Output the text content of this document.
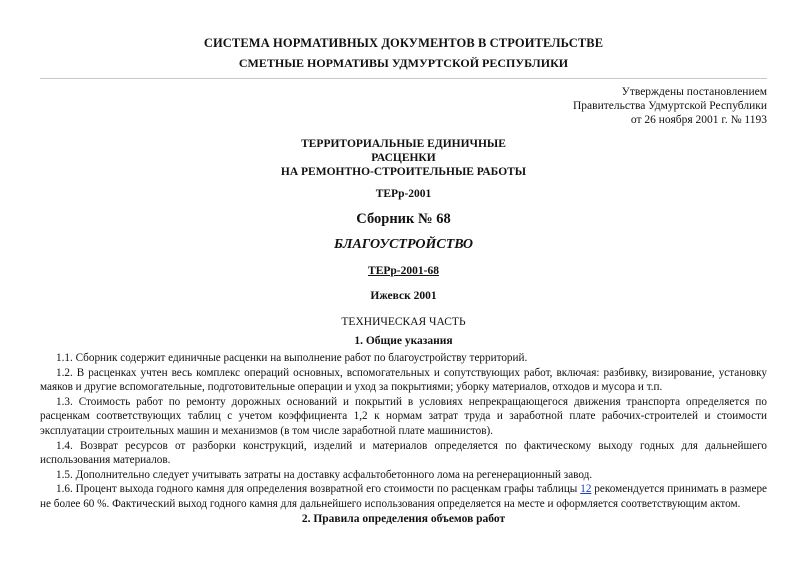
СИСТЕМА НОРМАТИВНЫХ ДОКУМЕНТОВ В СТРОИТЕЛЬСТВЕ
СМЕТНЫЕ НОРМАТИВЫ УДМУРТСКОЙ РЕСПУБЛИКИ
Утверждены постановлением
Правительства Удмуртской Республики
от 26 ноября 2001 г. № 1193
ТЕРРИТОРИАЛЬНЫЕ ЕДИНИЧНЫЕ
РАСЦЕНКИ
НА РЕМОНТНО-СТРОИТЕЛЬНЫЕ РАБОТЫ
ТЕРр-2001
Сборник № 68
БЛАГОУСТРОЙСТВО
ТЕРр-2001-68
Ижевск 2001
ТЕХНИЧЕСКАЯ ЧАСТЬ
1. Общие указания

1.1. Сборник содержит единичные расценки на выполнение работ по благоустройству территорий.

1.2. В расценках учтен весь комплекс операций основных, вспомогательных и сопутствующих работ, включая: разбивку, визирование, установку маяков и другие вспомогательные, подготовительные операции и уход за покрытиями; уборку материалов, отходов и мусора и т.п.

1.3. Стоимость работ по ремонту дорожных оснований и покрытий в условиях непрекращающегося движения транспорта определяется по расценкам соответствующих таблиц с учетом коэффициента 1,2 к нормам затрат труда и заработной плате рабочих-строителей и стоимости эксплуатации строительных машин и механизмов (в том числе заработной плате машинистов).

1.4. Возврат ресурсов от разборки конструкций, изделий и материалов определяется по фактическому выходу годных для дальнейшего использования материалов.

1.5. Дополнительно следует учитывать затраты на доставку асфальтобетонного лома на регенерационный завод.

1.6. Процент выхода годного камня для определения возвратной его стоимости по расценкам графы таблицы 12 рекомендуется принимать в размере не более 60 %. Фактический выход годного камня для дальнейшего использования определяется на месте и оформляется соответствующим актом.

2. Правила определения объемов работ
